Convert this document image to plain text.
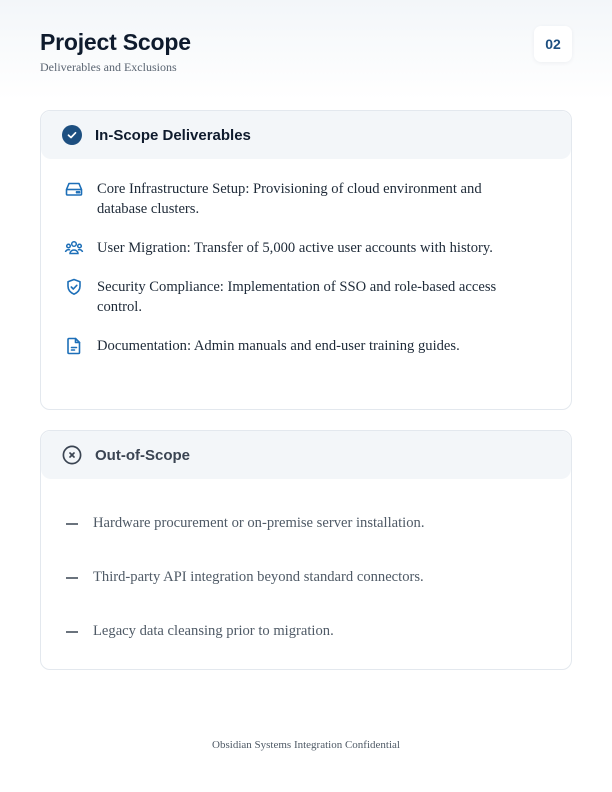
Project Scope
Deliverables and Exclusions
02
In-Scope Deliverables
Core Infrastructure Setup: Provisioning of cloud environment and database clusters.
User Migration: Transfer of 5,000 active user accounts with history.
Security Compliance: Implementation of SSO and role-based access control.
Documentation: Admin manuals and end-user training guides.
Out-of-Scope
Hardware procurement or on-premise server installation.
Third-party API integration beyond standard connectors.
Legacy data cleansing prior to migration.
Obsidian Systems Integration Confidential
